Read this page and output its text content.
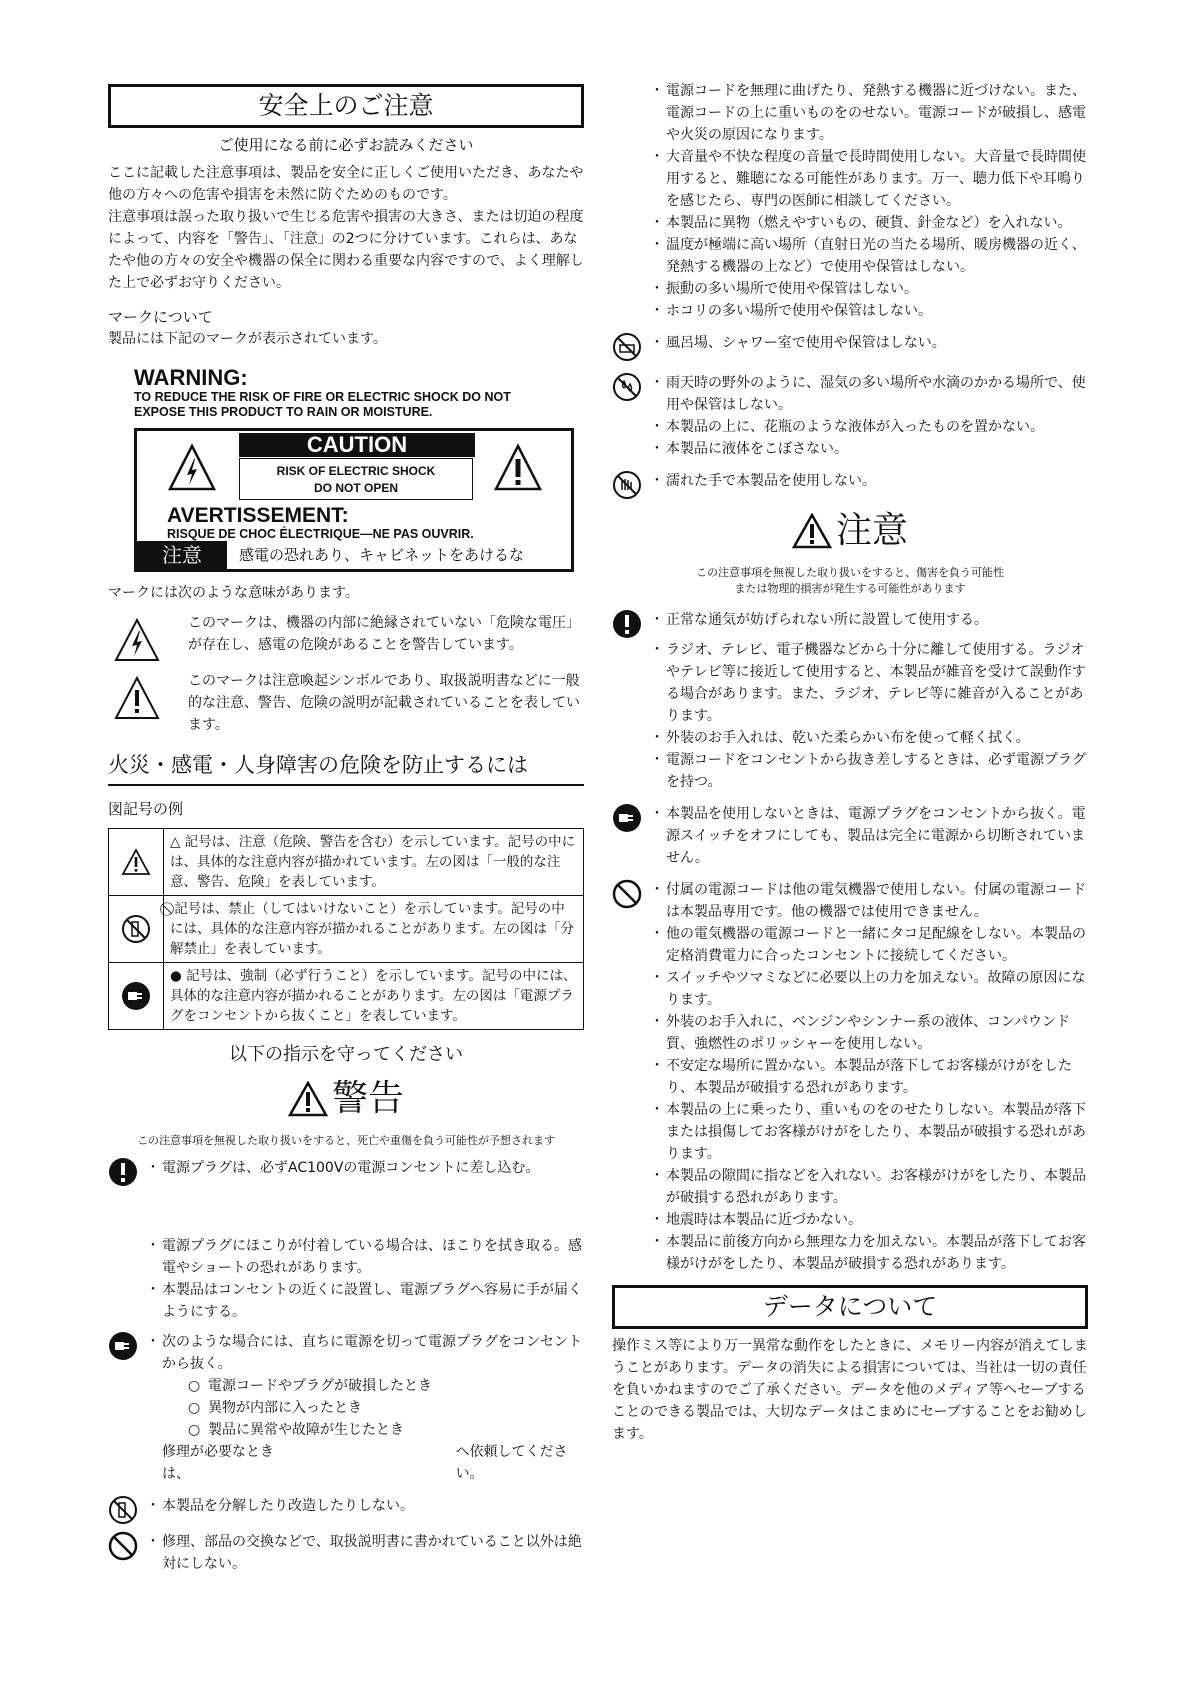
安全上のご注意

ご使用になる前に必ずお読みください

ここに記載した注意事項は、製品を安全に正しくご使用いただき、あなたや他の方々への危害や損害を未然に防ぐためのものです。

注意事項は誤った取り扱いで生じる危害や損害の大きさ、または切迫の程度によって、内容を「警告」、「注意」の2つに分けています。これらは、あなたや他の方々の安全や機器の保全に関わる重要な内容ですので、よく理解した上で必ずお守りください。

マークについて

製品には下記のマークが表示されています。

WARNING:
TO REDUCE THE RISK OF FIRE OR ELECTRIC SHOCK DO NOT
EXPOSE THIS PRODUCT TO RAIN OR MOISTURE.
CAUTION
RISK OF ELECTRIC SHOCK
DO NOT OPEN
AVERTISSEMENT:
RISQUE DE CHOC ÉLECTRIQUE—NE PAS OUVRIR.
注意	感電の恐れあり、キャビネットをあけるな

マークには次のような意味があります。

このマークは、機器の内部に絶縁されていない「危険な電圧」が存在し、感電の危険があることを警告しています。
このマークは注意喚起シンボルであり、取扱説明書などに一般的な注意、警告、危険の説明が記載されていることを表しています。
火災・感電・人身障害の危険を防止するには

図記号の例

	△ 記号は、注意（危険、警告を含む）を示しています。記号の中には、具体的な注意内容が描かれています。左の図は「一般的な注意、警告、危険」を表しています。

	⃠ 記号は、禁止（してはいけないこと）を示しています。記号の中には、具体的な注意内容が描かれることがあります。左の図は「分解禁止」を表しています。

	● 記号は、強制（必ず行うこと）を示しています。記号の中には、具体的な注意内容が描かれることがあります。左の図は「電源プラグをコンセントから抜くこと」を表しています。
以下の指示を守ってください
警告
この注意事項を無視した取り扱いをすると、死亡や重傷を負う可能性が予想されます
・ 電源プラグは、必ずAC100Vの電源コンセントに差し込む。
・ 電源プラグにほこりが付着している場合は、ほこりを拭き取る。感電やショートの恐れがあります。
・ 本製品はコンセントの近くに設置し、電源プラグへ容易に手が届くようにする。
・ 次のような場合には、直ちに電源を切って電源プラグをコンセントから抜く。
○ 電源コードやプラグが破損したとき
○ 異物が内部に入ったとき
○ 製品に異常や故障が生じたとき
修理が必要なときは、
へ依頼してください。
・ 本製品を分解したり改造したりしない。
・ 修理、部品の交換などで、取扱説明書に書かれていること以外は絶対にしない。
・ 電源コードを無理に曲げたり、発熱する機器に近づけない。また、電源コードの上に重いものをのせない。電源コードが破損し、感電や火災の原因になります。
・ 大音量や不快な程度の音量で長時間使用しない。大音量で長時間使用すると、難聴になる可能性があります。万一、聴力低下や耳鳴りを感じたら、専門の医師に相談してください。
・ 本製品に異物（燃えやすいもの、硬貨、針金など）を入れない。
・ 温度が極端に高い場所（直射日光の当たる場所、暖房機器の近く、発熱する機器の上など）で使用や保管はしない。
・ 振動の多い場所で使用や保管はしない。
・ ホコリの多い場所で使用や保管はしない。
・ 風呂場、シャワー室で使用や保管はしない。
・ 雨天時の野外のように、湿気の多い場所や水滴のかかる場所で、使用や保管はしない。
・ 本製品の上に、花瓶のような液体が入ったものを置かない。
・ 本製品に液体をこぼさない。
・ 濡れた手で本製品を使用しない。
注意
この注意事項を無視した取り扱いをすると、傷害を負う可能性
または物理的損害が発生する可能性があります
・ 正常な通気が妨げられない所に設置して使用する。
・ ラジオ、テレビ、電子機器などから十分に離して使用する。ラジオやテレビ等に接近して使用すると、本製品が雑音を受けて誤動作する場合があります。また、ラジオ、テレビ等に雑音が入ることがあります。
・ 外装のお手入れは、乾いた柔らかい布を使って軽く拭く。
・ 電源コードをコンセントから抜き差しするときは、必ず電源プラグを持つ。
・ 本製品を使用しないときは、電源プラグをコンセントから抜く。電源スイッチをオフにしても、製品は完全に電源から切断されていません。
・ 付属の電源コードは他の電気機器で使用しない。付属の電源コードは本製品専用です。他の機器では使用できません。
・ 他の電気機器の電源コードと一緒にタコ足配線をしない。本製品の定格消費電力に合ったコンセントに接続してください。
・ スイッチやツマミなどに必要以上の力を加えない。故障の原因になります。
・ 外装のお手入れに、ベンジンやシンナー系の液体、コンパウンド質、強燃性のポリッシャーを使用しない。
・ 不安定な場所に置かない。本製品が落下してお客様がけがをしたり、本製品が破損する恐れがあります。
・ 本製品の上に乗ったり、重いものをのせたりしない。本製品が落下または損傷してお客様がけがをしたり、本製品が破損する恐れがあります。
・ 本製品の隙間に指などを入れない。お客様がけがをしたり、本製品が破損する恐れがあります。
・ 地震時は本製品に近づかない。
・ 本製品に前後方向から無理な力を加えない。本製品が落下してお客様がけがをしたり、本製品が破損する恐れがあります。
データについて

操作ミス等により万一異常な動作をしたときに、メモリー内容が消えてしまうことがあります。データの消失による損害については、当社は一切の責任を負いかねますのでご了承ください。データを他のメディア等へセーブすることのできる製品では、大切なデータはこまめにセーブすることをお勧めします。
